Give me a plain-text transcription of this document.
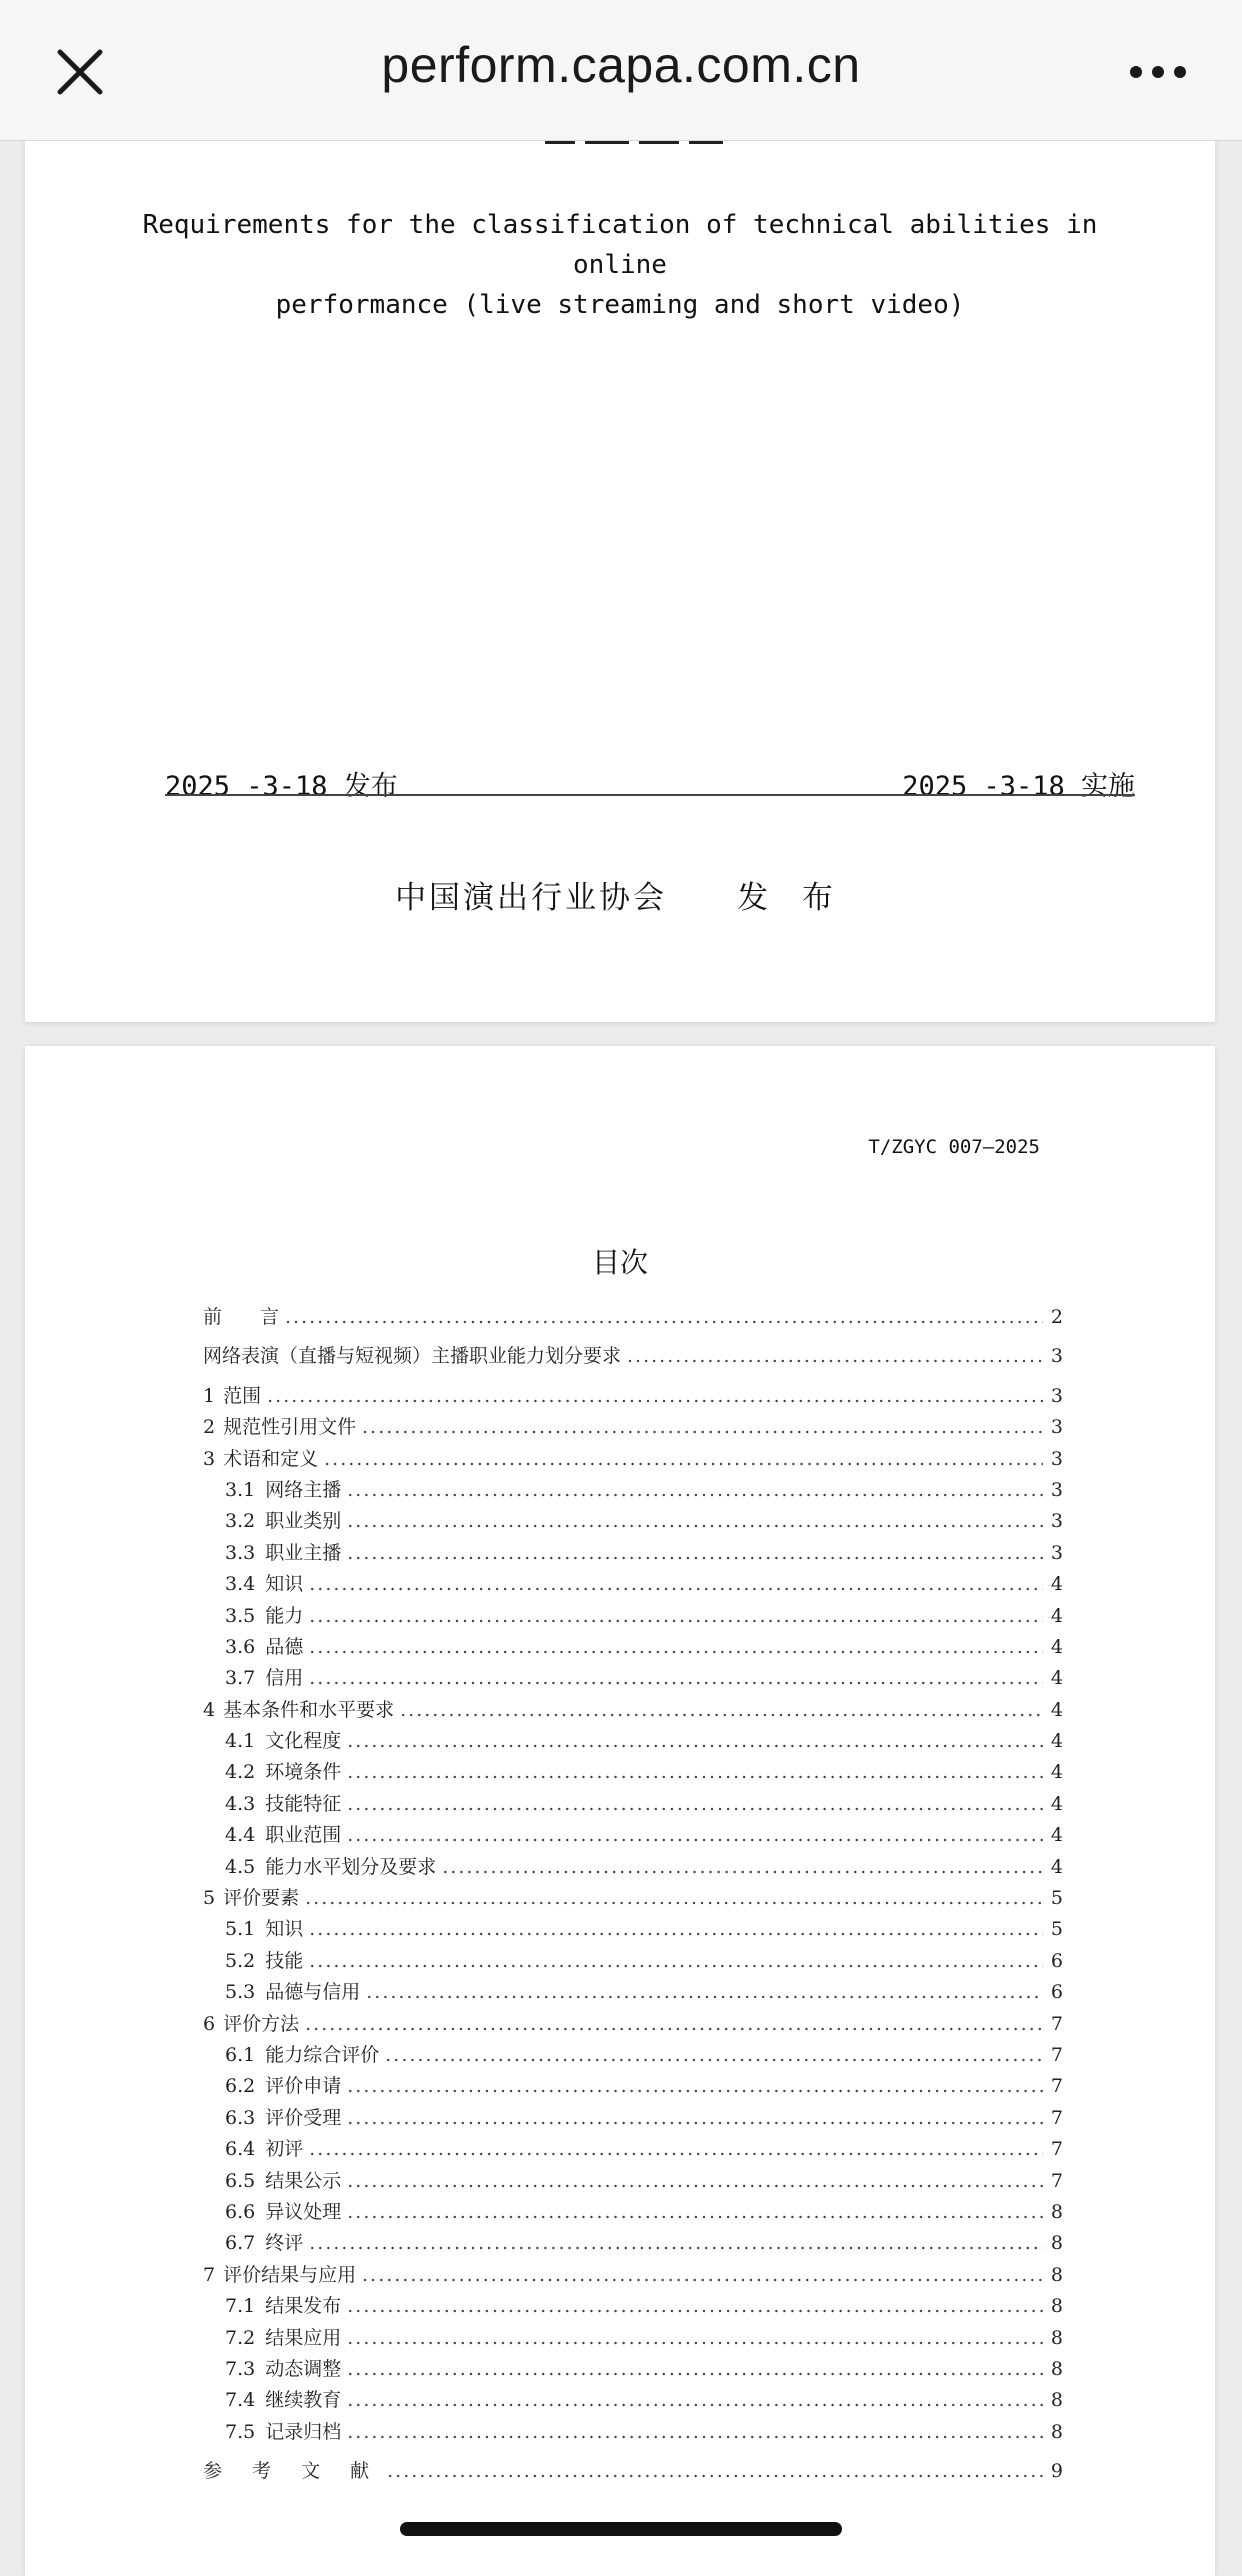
perform.capa.com.cn
Requirements for the classification of technical abilities in online
performance (live streaming and short video)
2025 -3-18 发布	2025 -3-18 实施
中国演出行业协会 发 布
T/ZGYC 007—2025
目次
前　　言 .....	2
网络表演（直播与短视频）主播职业能力划分要求 .....	3
1 范围 .....	3
2 规范性引用文件 .....	3
3 术语和定义 .....	3
3.1 网络主播 .....	3
3.2 职业类别 .....	3
3.3 职业主播 .....	3
3.4 知识 .....	4
3.5 能力 .....	4
3.6 品德 .....	4
3.7 信用 .....	4
4 基本条件和水平要求 .....	4
4.1 文化程度 .....	4
4.2 环境条件 .....	4
4.3 技能特征 .....	4
4.4 职业范围 .....	4
4.5 能力水平划分及要求 .....	4
5 评价要素 .....	5
5.1 知识 .....	5
5.2 技能 .....	6
5.3 品德与信用 .....	6
6 评价方法 .....	7
6.1 能力综合评价 .....	7
6.2 评价申请 .....	7
6.3 评价受理 .....	7
6.4 初评 .....	7
6.5 结果公示 .....	7
6.6 异议处理 .....	8
6.7 终评 .....	8
7 评价结果与应用 .....	8
7.1 结果发布 .....	8
7.2 结果应用 .....	8
7.3 动态调整 .....	8
7.4 继续教育 .....	8
7.5 记录归档 .....	8
参 考 文 献 .....	9
